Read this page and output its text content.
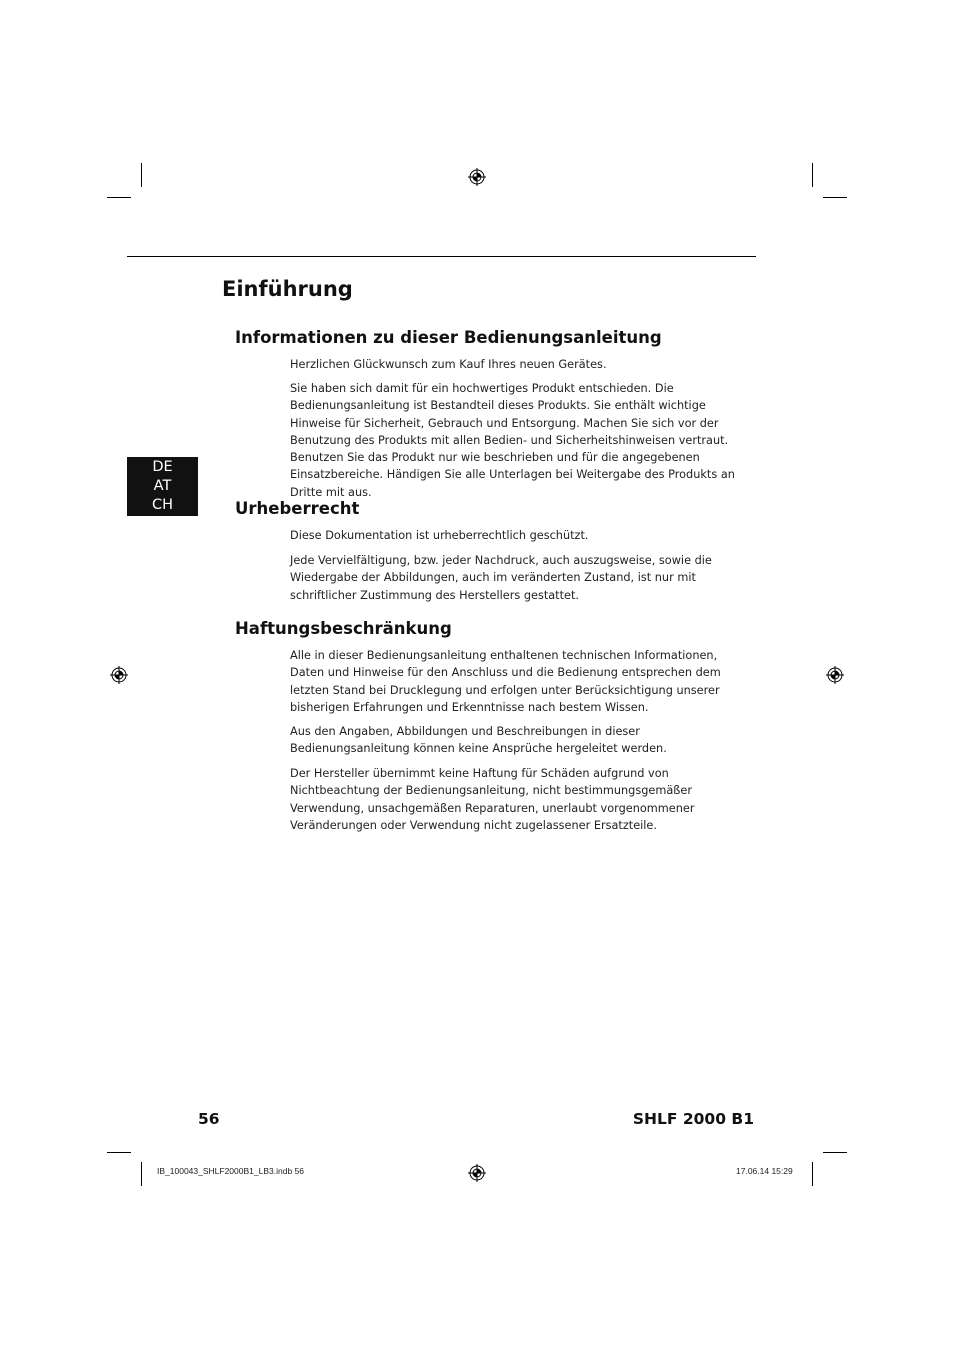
Einführung
DE
AT
CH
Informationen zu dieser Bedienungsanleitung

Herzlichen Glückwunsch zum Kauf Ihres neuen Gerätes.

Sie haben sich damit für ein hochwertiges Produkt entschieden. Die Bedienungsanleitung ist Bestandteil dieses Produkts. Sie enthält wichtige Hinweise für Sicherheit, Gebrauch und Entsorgung. Machen Sie sich vor der Benutzung des Produkts mit allen Bedien- und Sicherheitshinweisen vertraut. Benutzen Sie das Produkt nur wie beschrieben und für die angegebenen Einsatzbereiche. Händigen Sie alle Unterlagen bei Weitergabe des Produkts an Dritte mit aus.

Urheberrecht

Diese Dokumentation ist urheberrechtlich geschützt.

Jede Vervielfältigung, bzw. jeder Nachdruck, auch auszugsweise, sowie die Wiedergabe der Abbildungen, auch im veränderten Zustand, ist nur mit schriftlicher Zustimmung des Herstellers gestattet.

Haftungsbeschränkung

Alle in dieser Bedienungsanleitung enthaltenen technischen Informationen, Daten und Hinweise für den Anschluss und die Bedienung entsprechen dem letzten Stand bei Drucklegung und erfolgen unter Berücksichtigung unserer bisherigen Erfahrungen und Erkenntnisse nach bestem Wissen.

Aus den Angaben, Abbildungen und Beschreibungen in dieser Bedienungsanleitung können keine Ansprüche hergeleitet werden.

Der Hersteller übernimmt keine Haftung für Schäden aufgrund von Nichtbeachtung der Bedienungsanleitung, nicht bestimmungsgemäßer Verwendung, unsachgemäßen Reparaturen, unerlaubt vorgenommener Veränderungen oder Verwendung nicht zugelassener Ersatzteile.

56	SHLF 2000 B1
IB_100043_SHLF2000B1_LB3.indb 56	17.06.14 15:29
